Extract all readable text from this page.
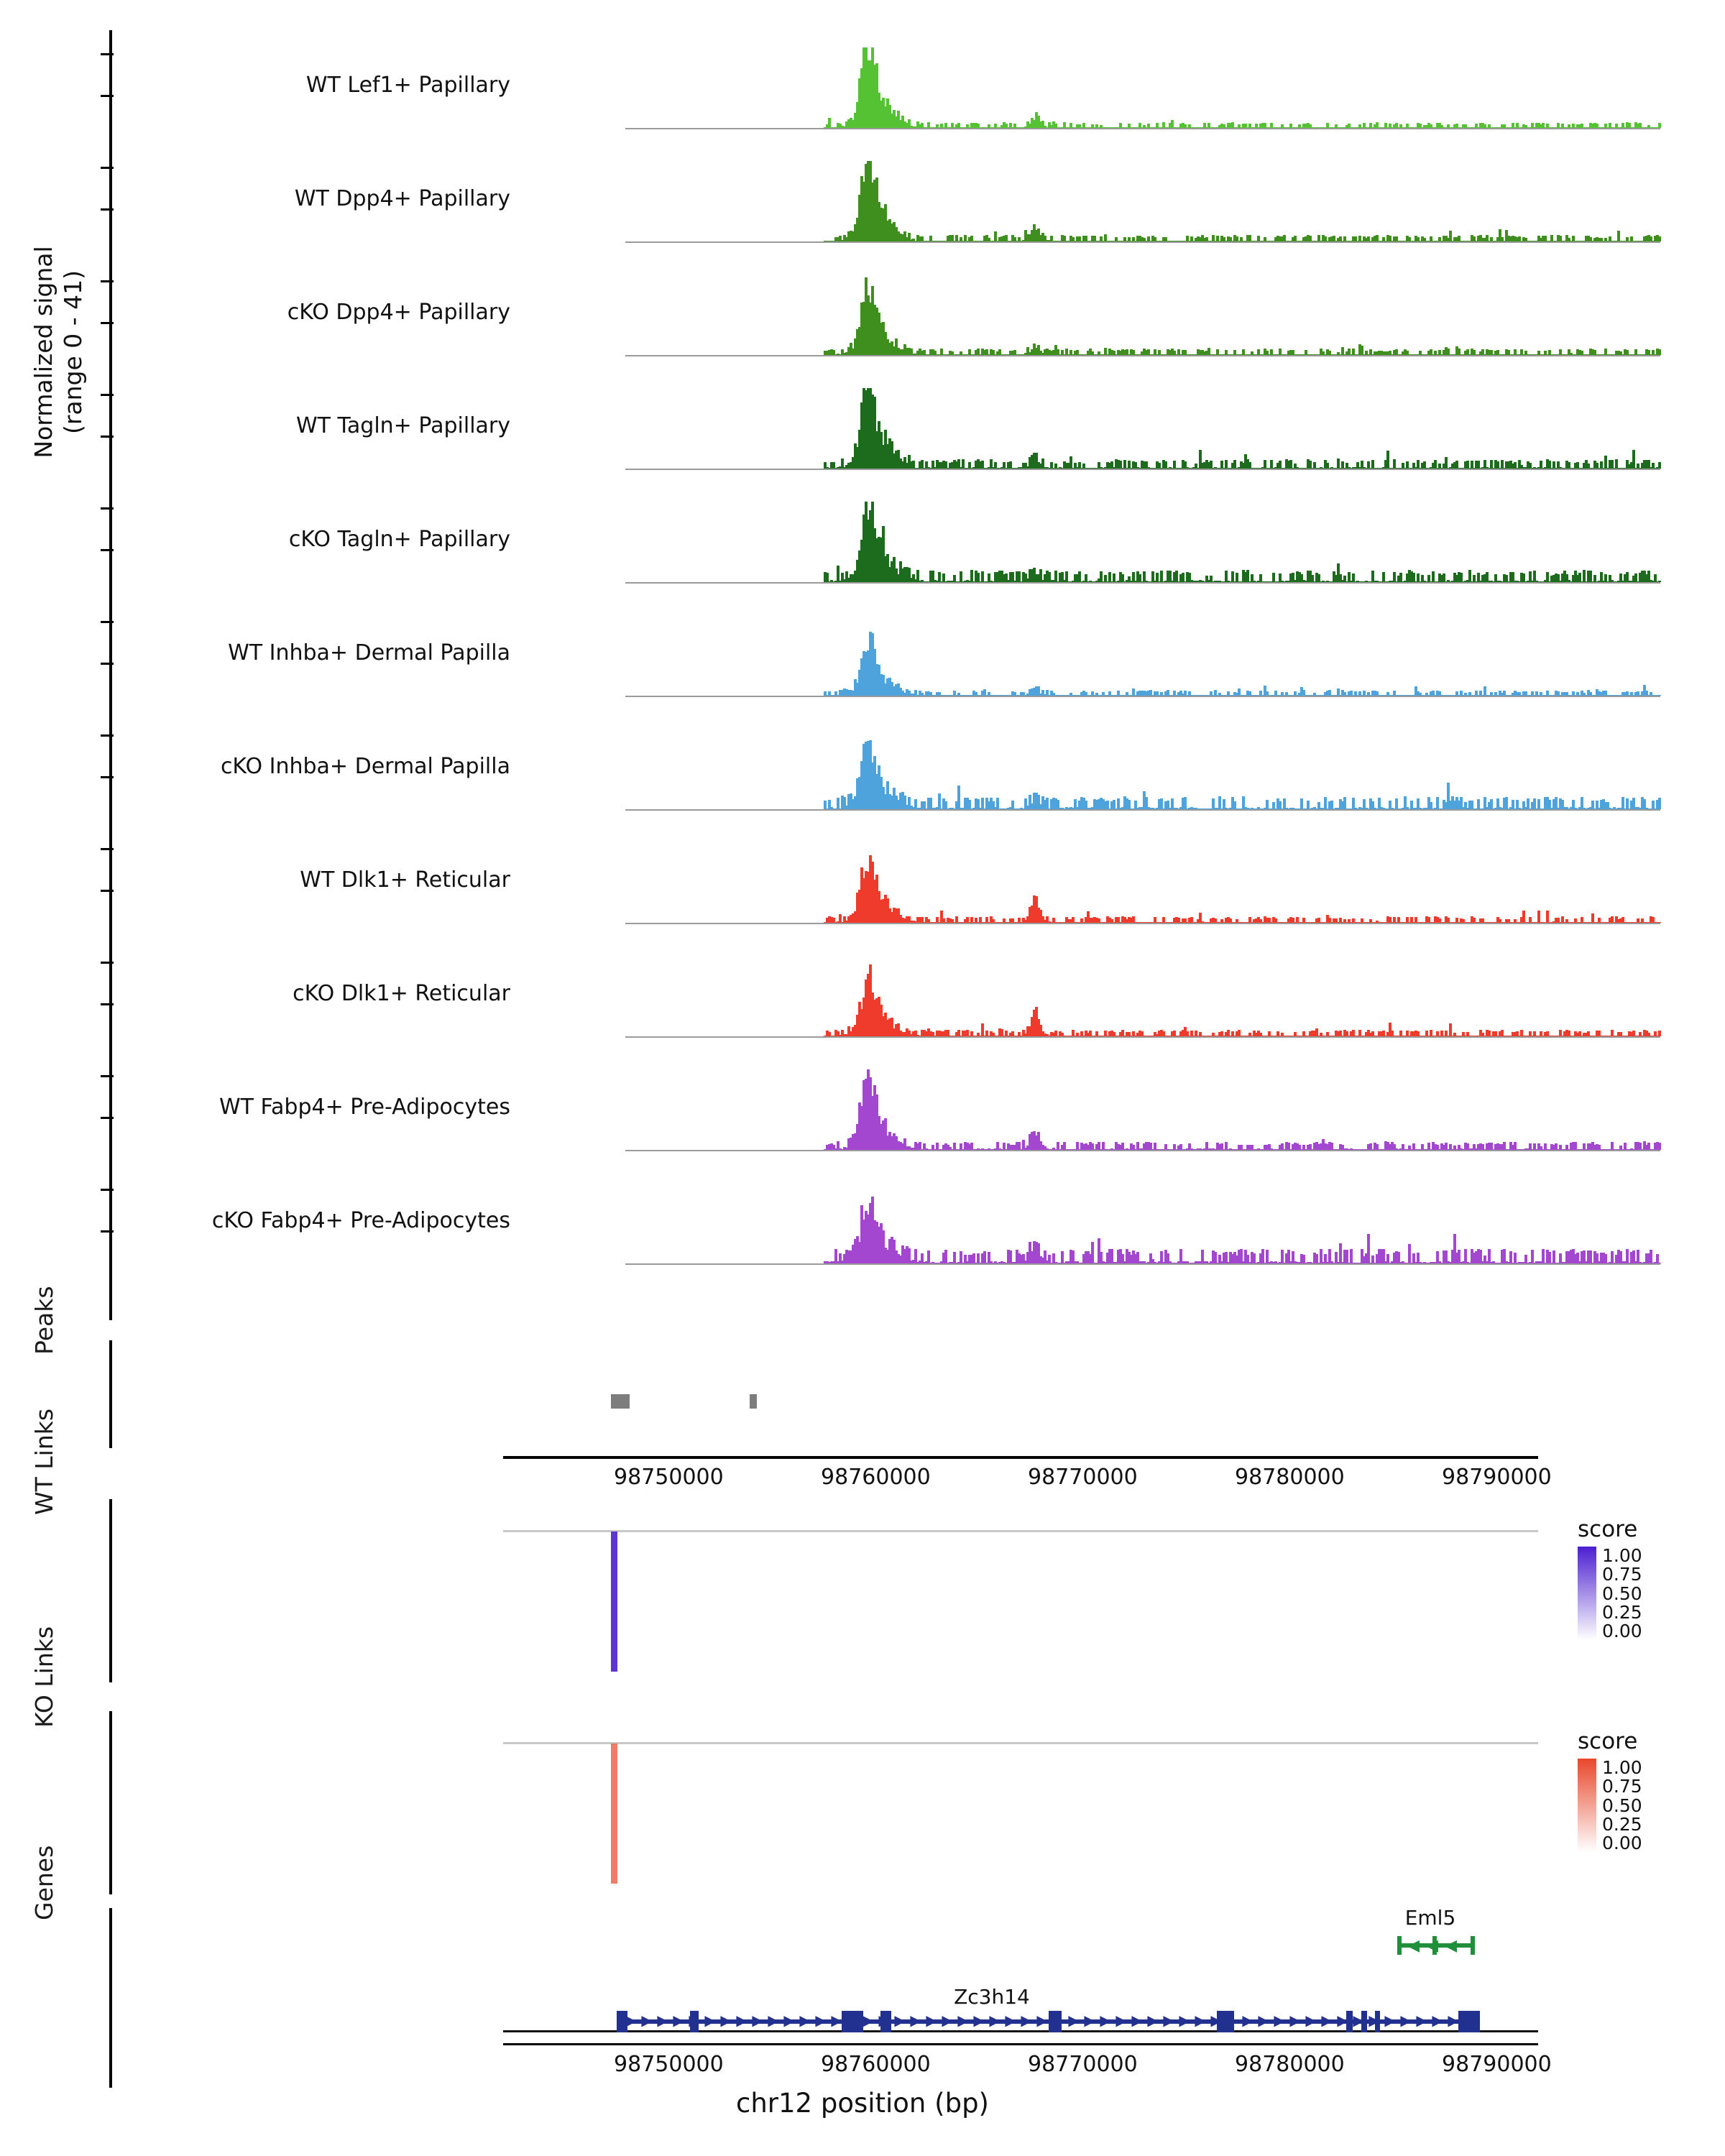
Normalized signal
(range 0 - 41)
WT Lef1+ Papillary
WT Dpp4+ Papillary
cKO Dpp4+ Papillary
WT Tagln+ Papillary
cKO Tagln+ Papillary
WT Inhba+ Dermal Papilla
cKO Inhba+ Dermal Papilla
WT Dlk1+ Reticular
cKO Dlk1+ Reticular
WT Fabp4+ Pre-Adipocytes
cKO Fabp4+ Pre-Adipocytes
Peaks
98750000	98760000	98770000	98780000	98790000
WT Links
score
1.00
0.75
0.50
0.25
0.00
KO Links
score
1.00
0.75
0.50
0.25
0.00
Genes	Eml5
◀ ◀ ◀
Zc3h14
▶ ▶ ▶ ▶ ▶ ▶ ▶ ▶ ▶ ▶ ▶ ▶ ▶ ▶ ▶ ▶ ▶ ▶ ▶ ▶ ▶ ▶ ▶ ▶ ▶ ▶ ▶ ▶ ▶ ▶ ▶ ▶ ▶ ▶ ▶ ▶ ▶ ▶ ▶ ▶ ▶ ▶ ▶ ▶ ▶ ▶ ▶ ▶ ▶ ▶ ▶ ▶ ▶ ▶
98750000	98760000	98770000	98780000	98790000
chr12 position (bp)
